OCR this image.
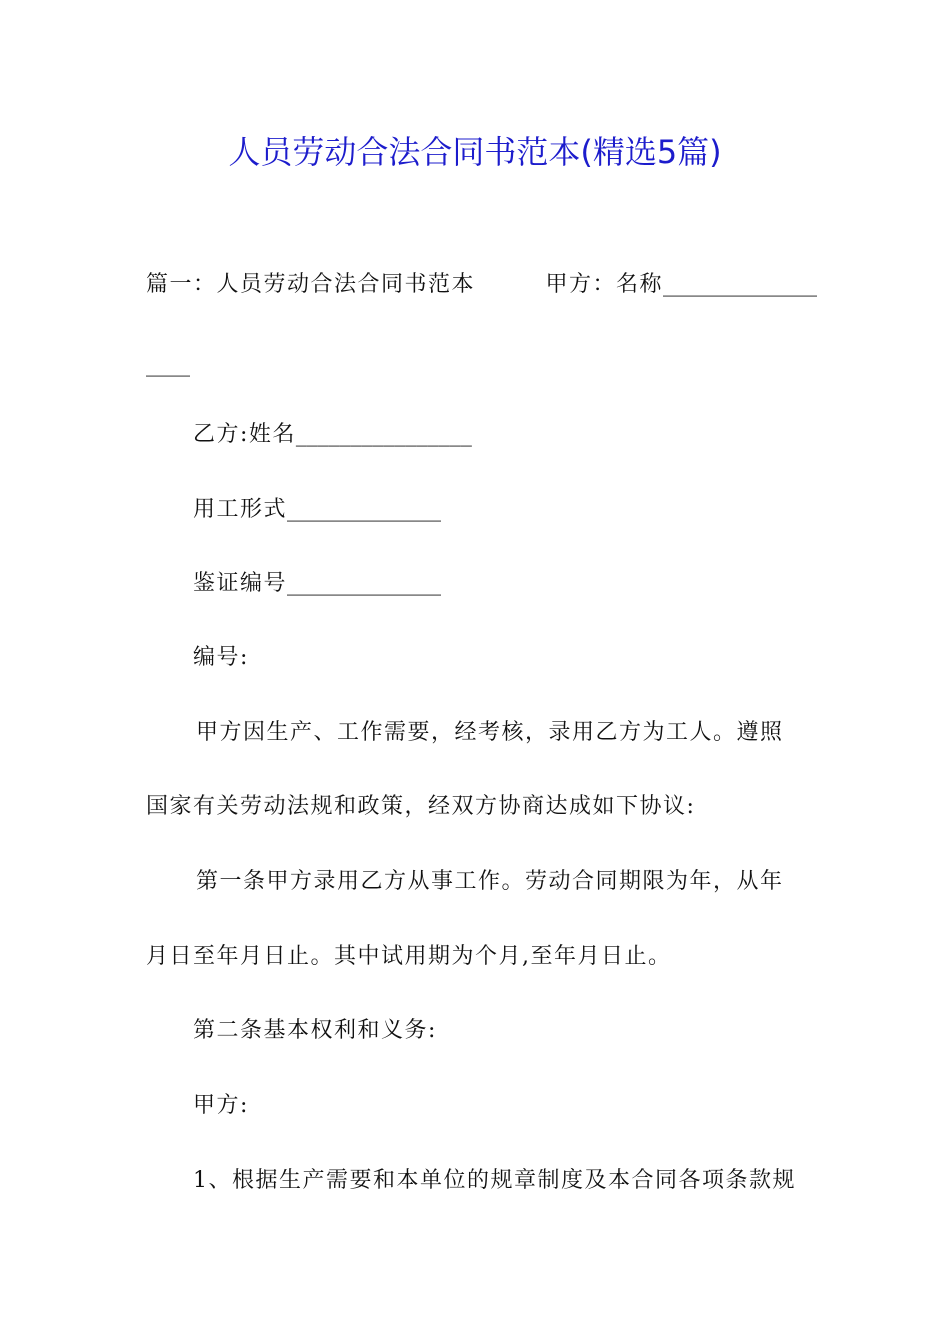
人员劳动合法合同书范本(精选5篇)
篇一：人员劳动合法合同书范本　　　甲方：名称______________
____
乙方:姓名________________
用工形式______________
鉴证编号______________
编号:
甲方因生产、工作需要，经考核，录用乙方为工人。遵照
国家有关劳动法规和政策，经双方协商达成如下协议:
第一条甲方录用乙方从事工作。劳动合同期限为年，从年
月日至年月日止。其中试用期为个月,至年月日止。
第二条基本权利和义务:
甲方:
1、根据生产需要和本单位的规章制度及本合同各项条款规
